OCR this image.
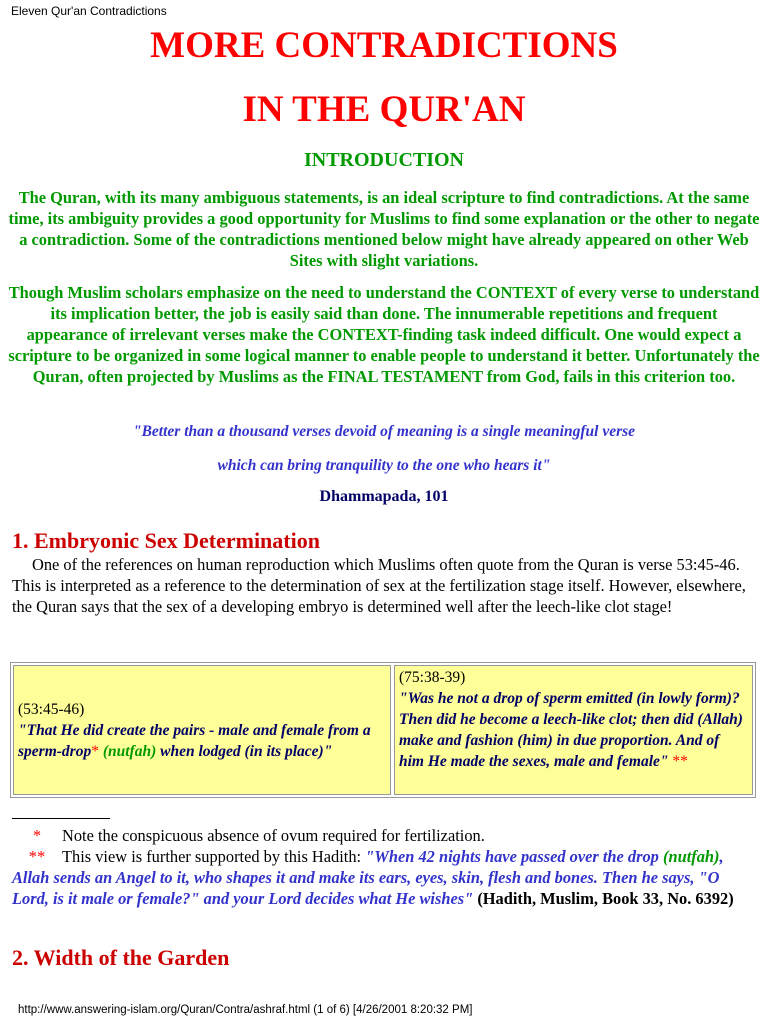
Eleven Qur'an Contradictions
MORE CONTRADICTIONS
IN THE QUR'AN
INTRODUCTION

The Quran, with its many ambiguous statements, is an ideal scripture to find contradictions. At the same time, its ambiguity provides a good opportunity for Muslims to find some explanation or the other to negate a contradiction. Some of the contradictions mentioned below might have already appeared on other Web Sites with slight variations.

Though Muslim scholars emphasize on the need to understand the CONTEXT of every verse to understand its implication better, the job is easily said than done. The innumerable repetitions and frequent appearance of irrelevant verses make the CONTEXT-finding task indeed difficult. One would expect a scripture to be organized in some logical manner to enable people to understand it better. Unfortunately the Quran, often projected by Muslims as the FINAL TESTAMENT from God, fails in this criterion too.

"Better than a thousand verses devoid of meaning is a single meaningful verse

which can bring tranquility to the one who hears it"

Dhammapada, 101

1. Embryonic Sex Determination

One of the references on human reproduction which Muslims often quote from the Quran is verse 53:45-46. This is interpreted as a reference to the determination of sex at the fertilization stage itself. However, elsewhere, the Quran says that the sex of a developing embryo is determined well after the leech-like clot stage!

(53:45-46)
"That He did create the pairs - male and female from a sperm-drop* (nutfah) when lodged (in its place)"
(75:38-39)
"Was he not a drop of sperm emitted (in lowly form)? Then did he become a leech-like clot; then did (Allah) make and fashion (him) in due proportion. And of him He made the sexes, male and female" **

* Note the conspicuous absence of ovum required for fertilization.

** This view is further supported by this Hadith: "When 42 nights have passed over the drop (nutfah), Allah sends an Angel to it, who shapes it and make its ears, eyes, skin, flesh and bones. Then he says, "O Lord, is it male or female?" and your Lord decides what He wishes" (Hadith, Muslim, Book 33, No. 6392)

2. Width of the Garden
http://www.answering-islam.org/Quran/Contra/ashraf.html (1 of 6) [4/26/2001 8:20:32 PM]
